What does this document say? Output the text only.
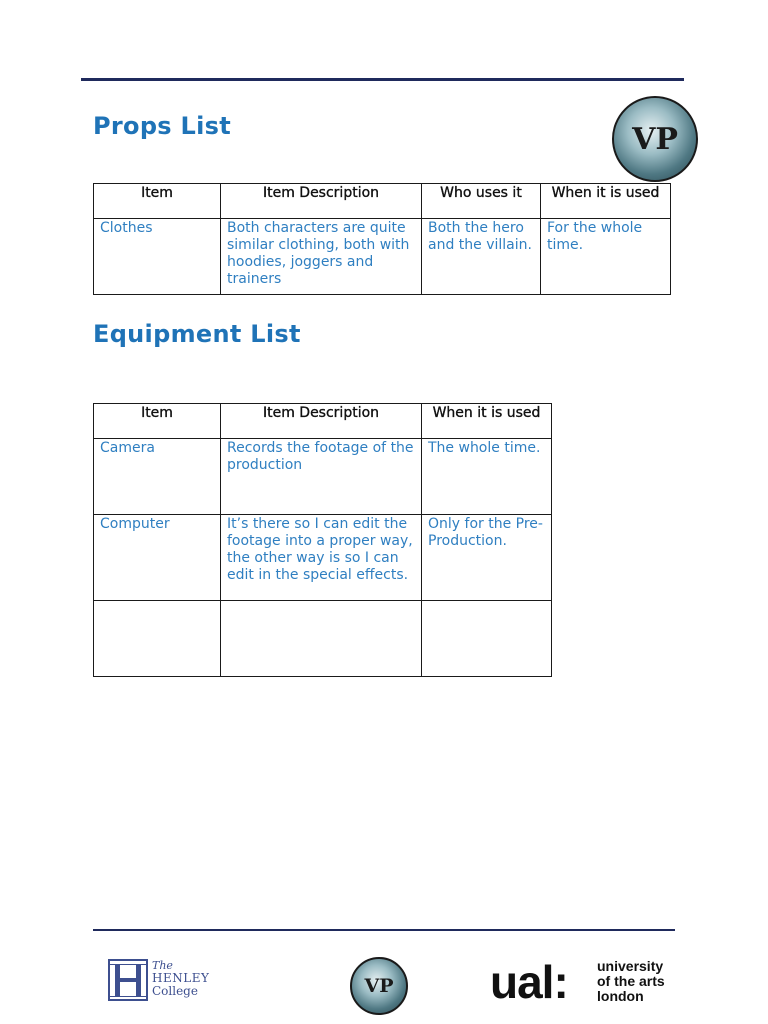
VP
Props List
Item	Item Description	Who uses it	When it is used
Clothes	Both characters are quite similar clothing, both with hoodies, joggers and trainers	Both the hero and the villain.	For the whole time.
Equipment List
Item	Item Description	When it is used
Camera	Records the footage of the production	The whole time.
Computer	It’s there so I can edit the footage into a proper way, the other way is so I can edit in the special effects.	Only for the Pre-Production.

The
HENLEY
College	VP ual: university
of the arts
london
